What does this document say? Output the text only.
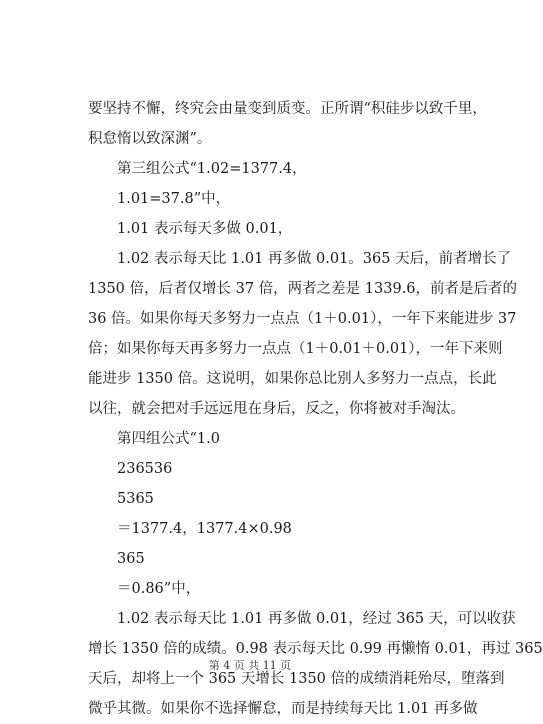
要坚持不懈，终究会由量变到质变。正所谓“积硅步以致千里，
积怠惰以致深渊”。
第三组公式“1.02=1377.4，
1.01=37.8”中，
1.01 表示每天多做 0.01，
1.02 表示每天比 1.01 再多做 0.01。365 天后，前者增长了
1350 倍，后者仅增长 37 倍，两者之差是 1339.6，前者是后者的
36 倍。如果你每天多努力一点点（1＋0.01），一年下来能进步 37
倍；如果你每天再多努力一点点（1＋0.01＋0.01），一年下来则
能进步 1350 倍。这说明，如果你总比别人多努力一点点，长此
以往，就会把对手远远甩在身后，反之，你将被对手淘汰。
第四组公式“1.0
236536
5365
＝1377.4，1377.4×0.98
365
＝0.86”中，
1.02 表示每天比 1.01 再多做 0.01，经过 365 天，可以收获
增长 1350 倍的成绩。0.98 表示每天比 0.99 再懒惰 0.01，再过 365
天后，却将上一个 365 天增长 1350 倍的成绩消耗殆尽，堕落到
微乎其微。如果你不选择懈怠，而是持续每天比 1.01 再多做
第 4 页 共 11 页
